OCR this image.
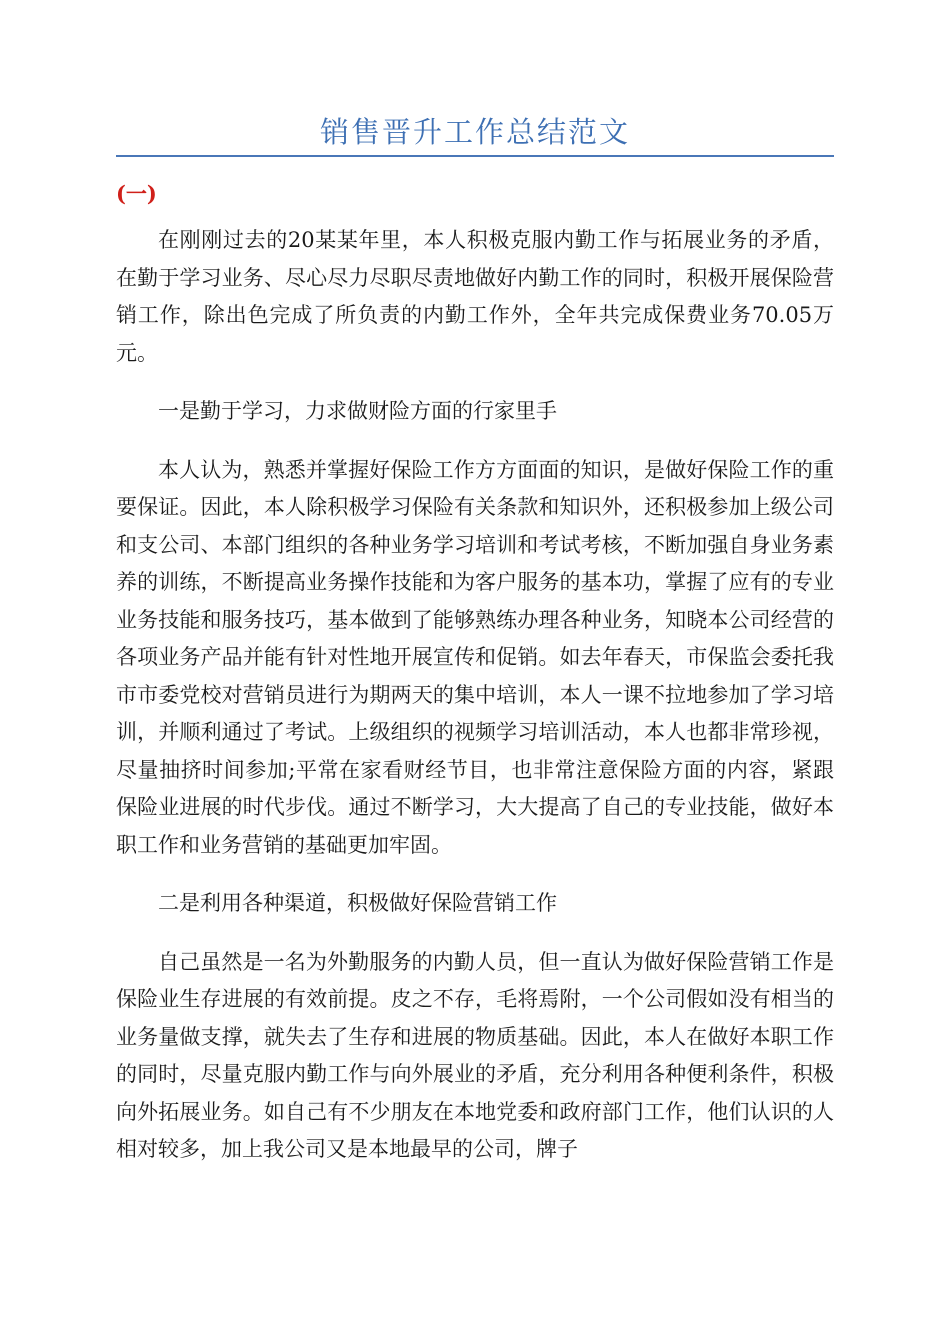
销售晋升工作总结范文

(一)

在刚刚过去的20某某年里，本人积极克服内勤工作与拓展业务的矛盾，在勤于学习业务、尽心尽力尽职尽责地做好内勤工作的同时，积极开展保险营销工作，除出色完成了所负责的内勤工作外，全年共完成保费业务70.05万元。

一是勤于学习，力求做财险方面的行家里手

本人认为，熟悉并掌握好保险工作方方面面的知识，是做好保险工作的重要保证。因此，本人除积极学习保险有关条款和知识外，还积极参加上级公司和支公司、本部门组织的各种业务学习培训和考试考核，不断加强自身业务素养的训练，不断提高业务操作技能和为客户服务的基本功，掌握了应有的专业业务技能和服务技巧，基本做到了能够熟练办理各种业务，知晓本公司经营的各项业务产品并能有针对性地开展宣传和促销。如去年春天，市保监会委托我市市委党校对营销员进行为期两天的集中培训，本人一课不拉地参加了学习培训，并顺利通过了考试。上级组织的视频学习培训活动，本人也都非常珍视，尽量抽挤时间参加;平常在家看财经节目，也非常注意保险方面的内容，紧跟保险业进展的时代步伐。通过不断学习，大大提高了自己的专业技能，做好本职工作和业务营销的基础更加牢固。

二是利用各种渠道，积极做好保险营销工作

自己虽然是一名为外勤服务的内勤人员，但一直认为做好保险营销工作是保险业生存进展的有效前提。皮之不存，毛将焉附，一个公司假如没有相当的业务量做支撑，就失去了生存和进展的物质基础。因此，本人在做好本职工作的同时，尽量克服内勤工作与向外展业的矛盾，充分利用各种便利条件，积极向外拓展业务。如自己有不少朋友在本地党委和政府部门工作，他们认识的人相对较多，加上我公司又是本地最早的公司，牌子
